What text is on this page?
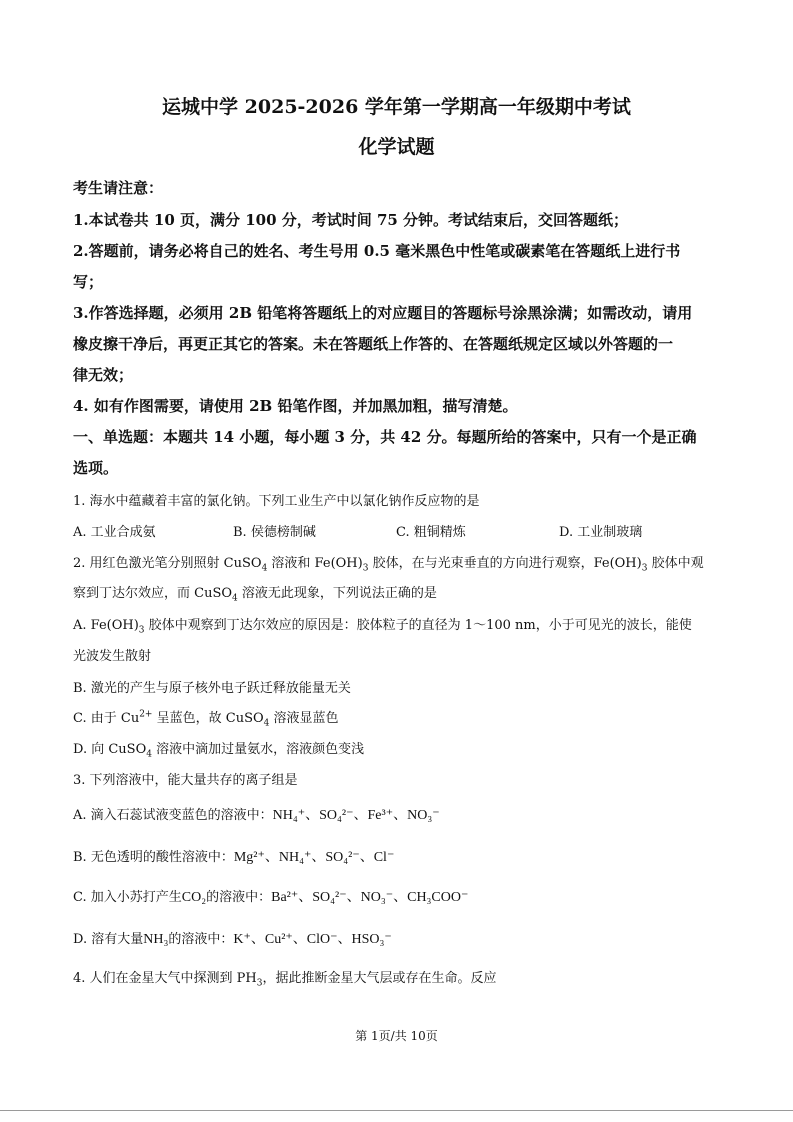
运城中学 2025-2026 学年第一学期高一年级期中考试
化学试题
考生请注意：
1.本试卷共 10 页，满分 100 分，考试时间 75 分钟。考试结束后，交回答题纸；
2.答题前，请务必将自己的姓名、考生号用 0.5 毫米黑色中性笔或碳素笔在答题纸上进行书
写；
3.作答选择题，必须用 2B 铅笔将答题纸上的对应题目的答题标号涂黑涂满；如需改动，请用
橡皮擦干净后，再更正其它的答案。未在答题纸上作答的、在答题纸规定区域以外答题的一
律无效；
4. 如有作图需要，请使用 2B 铅笔作图，并加黑加粗，描写清楚。
一、单选题：本题共 14 小题，每小题 3 分，共 42 分。每题所给的答案中，只有一个是正确
选项。
1. 海水中蕴藏着丰富的氯化钠。下列工业生产中以氯化钠作反应物的是
A. 工业合成氨	B. 侯德榜制碱	C. 粗铜精炼	D. 工业制玻璃
2. 用红色激光笔分别照射 CuSO$_4$ 溶液和 $Fe(OH)_3$ 胶体，在与光束垂直的方向进行观察，$Fe(OH)_3$ 胶体中观
察到丁达尔效应，而 CuSO$_4$ 溶液无此现象，下列说法正确的是
A. $Fe(OH)_3$ 胶体中观察到丁达尔效应的原因是：胶体粒子的直径为 1～100 nm，小于可见光的波长，能使
光波发生散射
B. 激光的产生与原子核外电子跃迁释放能量无关
C. 由于 $Cu^{2+}$ 呈蓝色，故 CuSO$_4$ 溶液显蓝色
D. 向 CuSO$_4$ 溶液中滴加过量氨水，溶液颜色变浅
3. 下列溶液中，能大量共存的离子组是
A. 滴入石蕊试液变蓝色的溶液中：NH₄⁺、SO₄²⁻、Fe³⁺、NO₃⁻
B. 无色透明的酸性溶液中：Mg²⁺、NH₄⁺、SO₄²⁻、Cl⁻
C. 加入小苏打产生CO₂的溶液中：Ba²⁺、SO₄²⁻、NO₃⁻、CH₃COO⁻
D. 溶有大量NH₃的溶液中：K⁺、Cu²⁺、ClO⁻、HSO₃⁻
4. 人们在金星大气中探测到 $PH_3$，据此推断金星大气层或存在生命。反应
第 1页/共 10页
